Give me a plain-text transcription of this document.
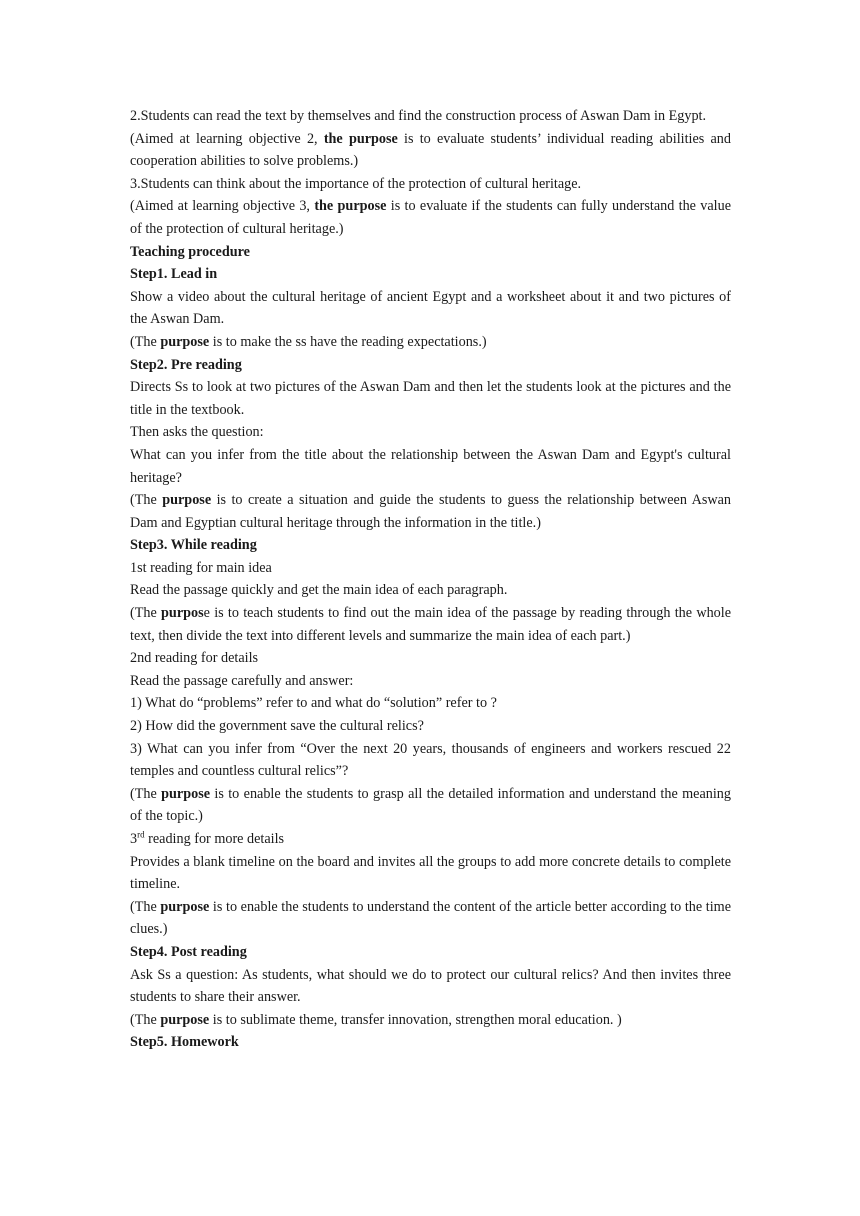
2.Students can read the text by themselves and find the construction process of Aswan Dam in Egypt.

(Aimed at learning objective 2, the purpose is to evaluate students’ individual reading abilities and cooperation abilities to solve problems.)

3.Students can think about the importance of the protection of cultural heritage.

(Aimed at learning objective 3, the purpose is to evaluate if the students can fully understand the value of the protection of cultural heritage.)

Teaching procedure

Step1. Lead in

Show a video about the cultural heritage of ancient Egypt and a worksheet about it and two pictures of the Aswan Dam.

(The purpose is to make the ss have the reading expectations.)

Step2. Pre reading

Directs Ss to look at two pictures of the Aswan Dam and then let the students look at the pictures and the title in the textbook.

Then asks the question:

What can you infer from the title about the relationship between the Aswan Dam and Egypt's cultural heritage?

(The purpose is to create a situation and guide the students to guess the relationship between Aswan Dam and Egyptian cultural heritage through the information in the title.)

Step3. While reading

1st reading for main idea

Read the passage quickly and get the main idea of each paragraph.

(The purpose is to teach students to find out the main idea of the passage by reading through the whole text, then divide the text into different levels and summarize the main idea of each part.)

2nd reading for details

Read the passage carefully and answer:

1) What do “problems” refer to and what do “solution” refer to ?

2) How did the government save the cultural relics?

3) What can you infer from “Over the next 20 years, thousands of engineers and workers rescued 22 temples and countless cultural relics”?

(The purpose is to enable the students to grasp all the detailed information and understand the meaning of the topic.)

3rd reading for more details

Provides a blank timeline on the board and invites all the groups to add more concrete details to complete timeline.

(The purpose is to enable the students to understand the content of the article better according to the time clues.)

Step4. Post reading

Ask Ss a question: As students, what should we do to protect our cultural relics? And then invites three students to share their answer.

(The purpose is to sublimate theme, transfer innovation, strengthen moral education. )

Step5. Homework
